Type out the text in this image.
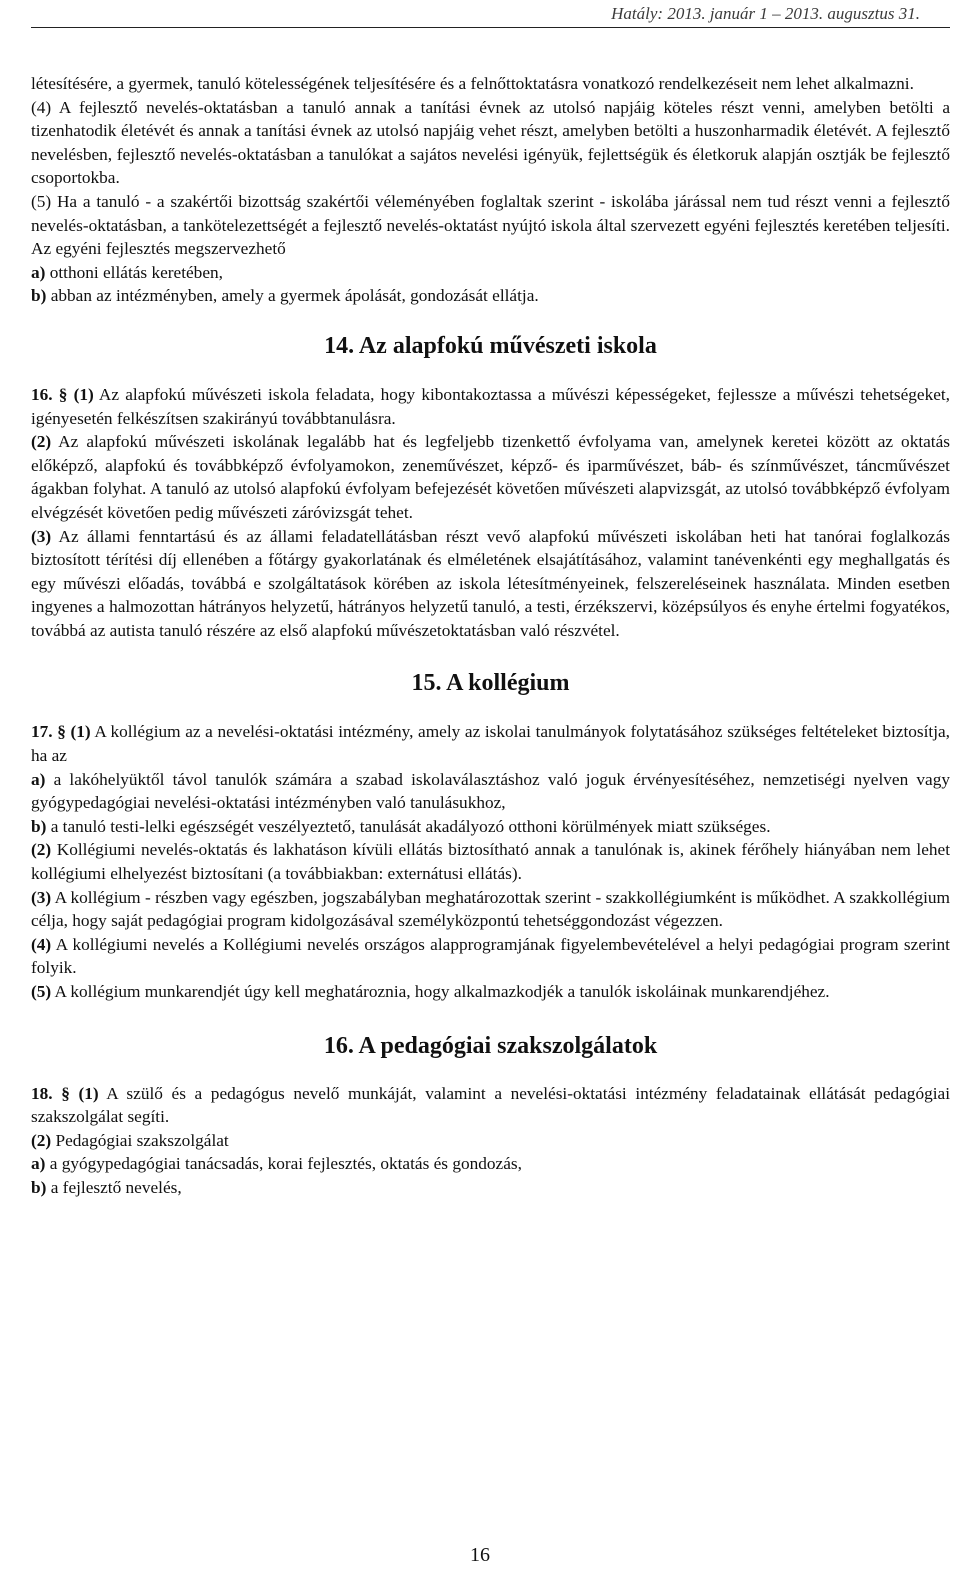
Hatály: 2013. január 1 – 2013. augusztus 31.

létesítésére, a gyermek, tanuló kötelességének teljesítésére és a felnőttoktatásra vonatkozó rendelkezéseit nem lehet alkalmazni.

(4) A fejlesztő nevelés-oktatásban a tanuló annak a tanítási évnek az utolsó napjáig köteles részt venni, amelyben betölti a tizenhatodik életévét és annak a tanítási évnek az utolsó napjáig vehet részt, amelyben betölti a huszonharmadik életévét. A fejlesztő nevelésben, fejlesztő nevelés-oktatásban a tanulókat a sajátos nevelési igényük, fejlettségük és életkoruk alapján osztják be fejlesztő csoportokba.

(5) Ha a tanuló - a szakértői bizottság szakértői véleményében foglaltak szerint - iskolába járással nem tud részt venni a fejlesztő nevelés-oktatásban, a tankötelezettségét a fejlesztő nevelés-oktatást nyújtó iskola által szervezett egyéni fejlesztés keretében teljesíti. Az egyéni fejlesztés megszervezhető

a) otthoni ellátás keretében,

b) abban az intézményben, amely a gyermek ápolását, gondozását ellátja.

14. Az alapfokú művészeti iskola

16. § (1) Az alapfokú művészeti iskola feladata, hogy kibontakoztassa a művészi képességeket, fejlessze a művészi tehetségeket, igényesetén felkészítsen szakirányú továbbtanulásra.

(2) Az alapfokú művészeti iskolának legalább hat és legfeljebb tizenkettő évfolyama van, amelynek keretei között az oktatás előképző, alapfokú és továbbképző évfolyamokon, zeneművészet, képző- és iparművészet, báb- és színművészet, táncművészet ágakban folyhat. A tanuló az utolsó alapfokú évfolyam befejezését követően művészeti alapvizsgát, az utolsó továbbképző évfolyam elvégzését követően pedig művészeti záróvizsgát tehet.

(3) Az állami fenntartású és az állami feladatellátásban részt vevő alapfokú művészeti iskolában heti hat tanórai foglalkozás biztosított térítési díj ellenében a főtárgy gyakorlatának és elméletének elsajátításához, valamint tanévenkénti egy meghallgatás és egy művészi előadás, továbbá e szolgáltatások körében az iskola létesítményeinek, felszereléseinek használata. Minden esetben ingyenes a halmozottan hátrányos helyzetű, hátrányos helyzetű tanuló, a testi, érzékszervi, középsúlyos és enyhe értelmi fogyatékos, továbbá az autista tanuló részére az első alapfokú művészetoktatásban való részvétel.

15. A kollégium

17. § (1) A kollégium az a nevelési-oktatási intézmény, amely az iskolai tanulmányok folytatásához szükséges feltételeket biztosítja, ha az

a) a lakóhelyüktől távol tanulók számára a szabad iskolaválasztáshoz való joguk érvényesítéséhez, nemzetiségi nyelven vagy gyógypedagógiai nevelési-oktatási intézményben való tanulásukhoz,

b) a tanuló testi-lelki egészségét veszélyeztető, tanulását akadályozó otthoni körülmények miatt szükséges.

(2) Kollégiumi nevelés-oktatás és lakhatáson kívüli ellátás biztosítható annak a tanulónak is, akinek férőhely hiányában nem lehet kollégiumi elhelyezést biztosítani (a továbbiakban: externátusi ellátás).

(3) A kollégium - részben vagy egészben, jogszabályban meghatározottak szerint - szakkollégiumként is működhet. A szakkollégium célja, hogy saját pedagógiai program kidolgozásával személyközpontú tehetséggondozást végezzen.

(4) A kollégiumi nevelés a Kollégiumi nevelés országos alapprogramjának figyelembevételével a helyi pedagógiai program szerint folyik.

(5) A kollégium munkarendjét úgy kell meghatároznia, hogy alkalmazkodjék a tanulók iskoláinak munkarendjéhez.

16. A pedagógiai szakszolgálatok

18. § (1) A szülő és a pedagógus nevelő munkáját, valamint a nevelési-oktatási intézmény feladatainak ellátását pedagógiai szakszolgálat segíti.

(2) Pedagógiai szakszolgálat

a) a gyógypedagógiai tanácsadás, korai fejlesztés, oktatás és gondozás,

b) a fejlesztő nevelés,

16
